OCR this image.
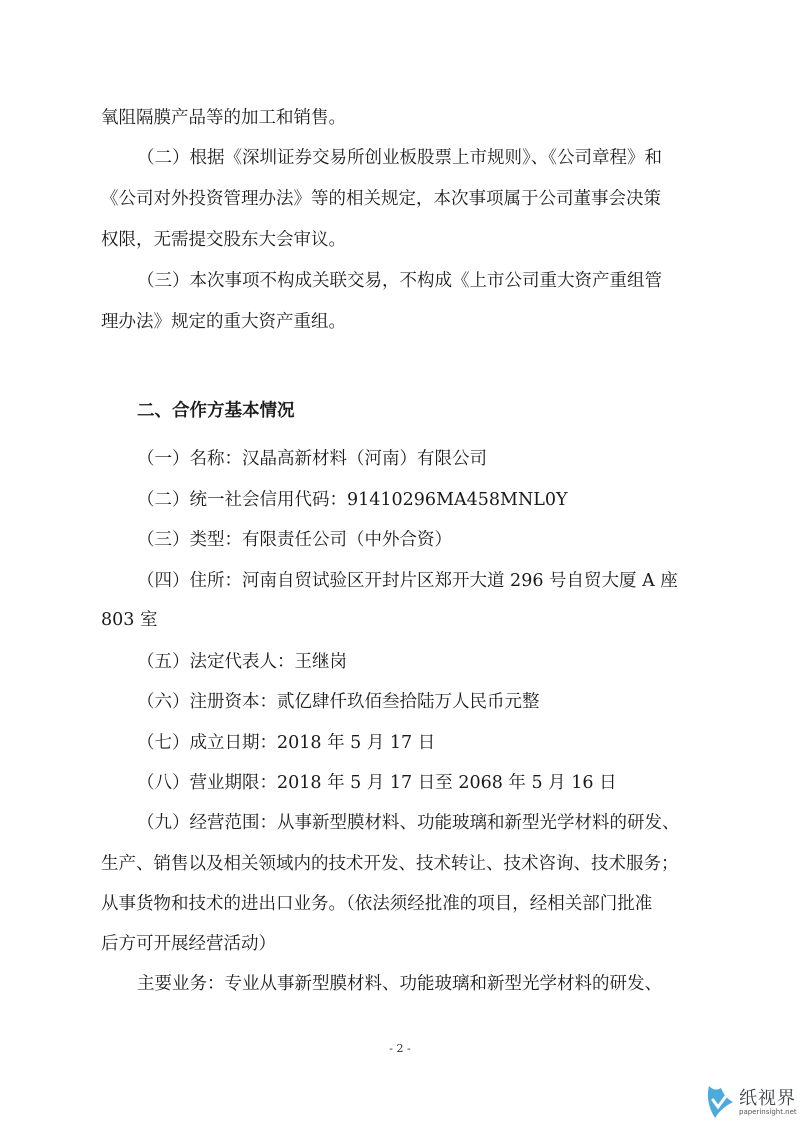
氧阻隔膜产品等的加工和销售。
（二）根据《深圳证券交易所创业板股票上市规则》、《公司章程》和
《公司对外投资管理办法》等的相关规定，本次事项属于公司董事会决策
权限，无需提交股东大会审议。
（三）本次事项不构成关联交易，不构成《上市公司重大资产重组管
理办法》规定的重大资产重组。
二、合作方基本情况
（一）名称：汉晶高新材料（河南）有限公司
（二）统一社会信用代码：91410296MA458MNL0Y
（三）类型：有限责任公司（中外合资）
（四）住所：河南自贸试验区开封片区郑开大道 296 号自贸大厦 A 座
803 室
（五）法定代表人：王继岗
（六）注册资本：贰亿肆仟玖佰叁拾陆万人民币元整
（七）成立日期：2018 年 5 月 17 日
（八）营业期限：2018 年 5 月 17 日至 2068 年 5 月 16 日
（九）经营范围：从事新型膜材料、功能玻璃和新型光学材料的研发、
生产、销售以及相关领域内的技术开发、技术转让、技术咨询、技术服务；
从事货物和技术的进出口业务。（依法须经批准的项目，经相关部门批准
后方可开展经营活动）
主要业务：专业从事新型膜材料、功能玻璃和新型光学材料的研发、
- 2 -
纸视界
paperinsight.net
